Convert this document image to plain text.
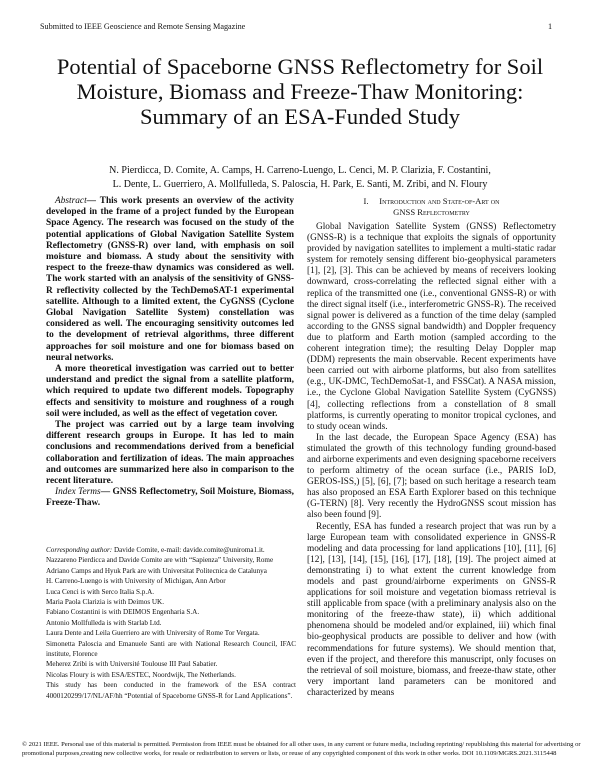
Submitted to IEEE Geoscience and Remote Sensing Magazine	1
Potential of Spaceborne GNSS Reflectometry for Soil Moisture, Biomass and Freeze-Thaw Monitoring: Summary of an ESA-Funded Study
N. Pierdicca, D. Comite, A. Camps, H. Carreno-Luengo, L. Cenci, M. P. Clarizia, F. Costantini,
L. Dente, L. Guerriero, A. Mollfulleda, S. Paloscia, H. Park, E. Santi, M. Zribi, and N. Floury

Abstract— This work presents an overview of the activity developed in the frame of a project funded by the European Space Agency. The research was focused on the study of the potential applications of Global Navigation Satellite System Reflectometry (GNSS-R) over land, with emphasis on soil moisture and biomass. A study about the sensitivity with respect to the freeze-thaw dynamics was considered as well. The work started with an analysis of the sensitivity of GNSS-R reflectivity collected by the TechDemoSAT-1 experimental satellite. Although to a limited extent, the CyGNSS (Cyclone Global Navigation Satellite System) constellation was considered as well. The encouraging sensitivity outcomes led to the development of retrieval algorithms, three different approaches for soil moisture and one for biomass based on neural networks.

A more theoretical investigation was carried out to better understand and predict the signal from a satellite platform, which required to update two different models. Topography effects and sensitivity to moisture and roughness of a rough soil were included, as well as the effect of vegetation cover.

The project was carried out by a large team involving different research groups in Europe. It has led to main conclusions and recommendations derived from a beneficial collaboration and fertilization of ideas. The main approaches and outcomes are summarized here also in comparison to the recent literature.

Index Terms— GNSS Reflectometry, Soil Moisture, Biomass, Freeze-Thaw.

Corresponding author: Davide Comite, e-mail: davide.comite@uniroma1.it.
Nazzareno Pierdicca and Davide Comite are with “Sapienza” University, Rome
Adriano Camps and Hyuk Park are with Universitat Politecnica de Catalunya
H. Carreno-Luengo is with University of Michigan, Ann Arbor
Luca Cenci is with Serco Italia S.p.A.
Maria Paola Clarizia is with Deimos UK.
Fabiano Costantini is with DEIMOS Engenharia S.A.
Antonio Mollfulleda is with Starlab Ltd.
Laura Dente and Leila Guerriero are with University of Rome Tor Vergata.
Simonetta Paloscia and Emanuele Santi are with National Research Council, IFAC institute, Florence
Meherez Zribi is with Université Toulouse III Paul Sabatier.
Nicolas Floury is with ESA/ESTEC, Noordwijk, The Netherlands.
This study has been conducted in the framework of the ESA contract 4000120299/17/NL/AF/hh “Potential of Spaceborne GNSS-R for Land Applications”.
I. Introduction and State-of-Art on
GNSS Reflectometry

Global Navigation Satellite System (GNSS) Reflectometry (GNSS-R) is a technique that exploits the signals of opportunity provided by navigation satellites to implement a multi-static radar system for remotely sensing different bio-geophysical parameters [1], [2], [3]. This can be achieved by means of receivers looking downward, cross-correlating the reflected signal either with a replica of the transmitted one (i.e., conventional GNSS-R) or with the direct signal itself (i.e., interferometric GNSS-R). The received signal power is delivered as a function of the time delay (sampled according to the GNSS signal bandwidth) and Doppler frequency due to platform and Earth motion (sampled according to the coherent integration time); the resulting Delay Doppler map (DDM) represents the main observable. Recent experiments have been carried out with airborne platforms, but also from satellites (e.g., UK-DMC, TechDemoSat-1, and FSSCat). A NASA mission, i.e., the Cyclone Global Navigation Satellite System (CyGNSS) [4], collecting reflections from a constellation of 8 small platforms, is currently operating to monitor tropical cyclones, and to study ocean winds.

In the last decade, the European Space Agency (ESA) has stimulated the growth of this technology funding ground-based and airborne experiments and even designing spaceborne receivers to perform altimetry of the ocean surface (i.e., PARIS IoD, GEROS-ISS,) [5], [6], [7]; based on such heritage a research team has also proposed an ESA Earth Explorer based on this technique (G-TERN) [8]. Very recently the HydroGNSS scout mission has also been found [9].

Recently, ESA has funded a research project that was run by a large European team with consolidated experience in GNSS-R modeling and data processing for land applications [10], [11], [6] [12], [13], [14], [15], [16], [17], [18], [19]. The project aimed at demonstrating i) to what extent the current knowledge from models and past ground/airborne experiments on GNSS-R applications for soil moisture and vegetation biomass retrieval is still applicable from space (with a preliminary analysis also on the monitoring of the freeze-thaw state), ii) which additional phenomena should be modeled and/or explained, iii) which final bio-geophysical products are possible to deliver and how (with recommendations for future systems). We should mention that, even if the project, and therefore this manuscript, only focuses on the retrieval of soil moisture, biomass, and freeze-thaw state, other very important land parameters can be monitored and characterized by means

© 2021 IEEE. Personal use of this material is permitted. Permission from IEEE must be obtained for all other uses, in any current or future media, including reprinting/ republishing this material for advertising or promotional purposes,creating new collective works, for resale or redistribution to servers or lists, or reuse of any copyrighted component of this work in other works. DOI 10.1109/MGRS.2021.3115448
